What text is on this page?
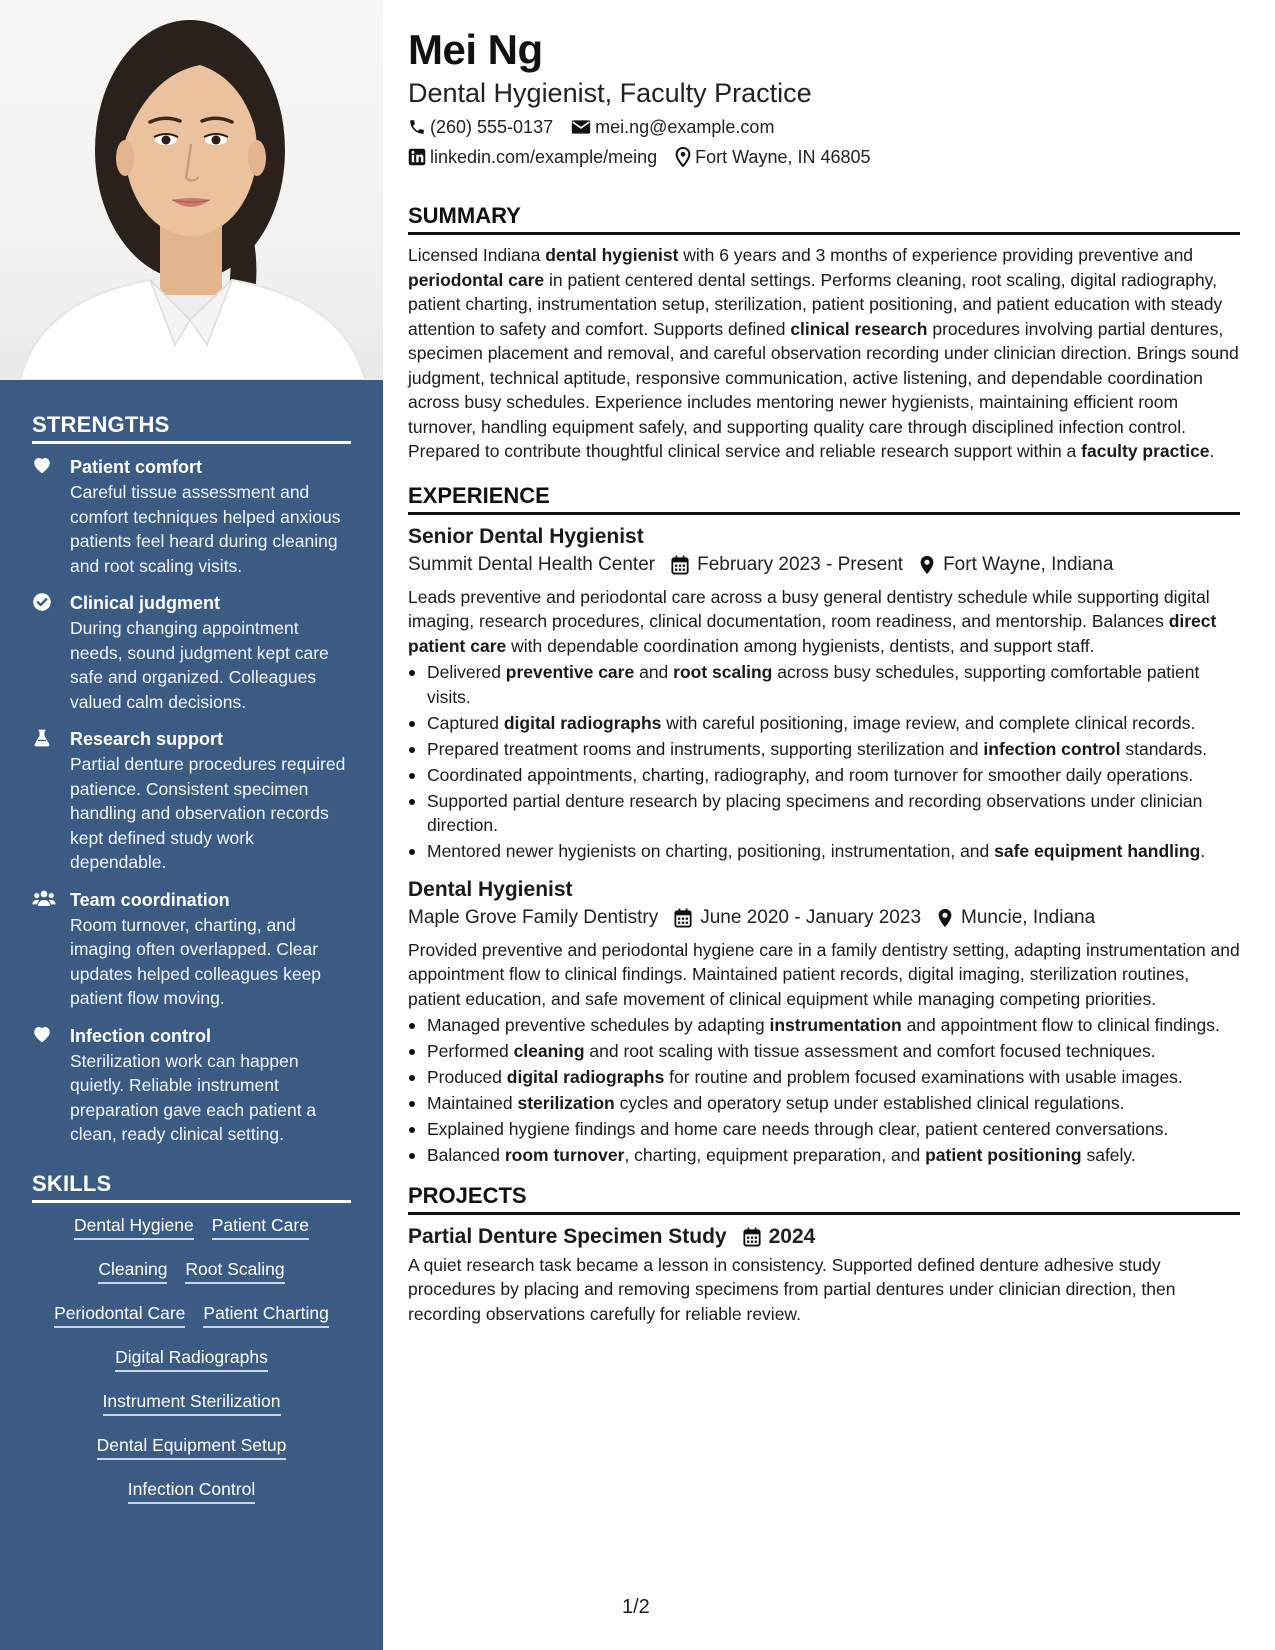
STRENGTHS
Patient comfort
Careful tissue assessment and comfort techniques helped anxious patients feel heard during cleaning and root scaling visits.
Clinical judgment
During changing appointment needs, sound judgment kept care safe and organized. Colleagues valued calm decisions.
Research support
Partial denture procedures required patience. Consistent specimen handling and observation records kept defined study work dependable.
Team coordination
Room turnover, charting, and imaging often overlapped. Clear updates helped colleagues keep patient flow moving.
Infection control
Sterilization work can happen quietly. Reliable instrument preparation gave each patient a clean, ready clinical setting.
SKILLS
Dental Hygiene Patient Care
Cleaning Root Scaling
Periodontal Care Patient Charting
Digital Radiographs
Instrument Sterilization
Dental Equipment Setup
Infection Control
Mei Ng
Dental Hygienist, Faculty Practice
(260) 555-0137 mei.ng@example.com
linkedin.com/example/meing Fort Wayne, IN 46805
SUMMARY
Licensed Indiana dental hygienist with 6 years and 3 months of experience providing preventive and periodontal care in patient centered dental settings. Performs cleaning, root scaling, digital radiography, patient charting, instrumentation setup, sterilization, patient positioning, and patient education with steady attention to safety and comfort. Supports defined clinical research procedures involving partial dentures, specimen placement and removal, and careful observation recording under clinician direction. Brings sound judgment, technical aptitude, responsive communication, active listening, and dependable coordination across busy schedules. Experience includes mentoring newer hygienists, maintaining efficient room turnover, handling equipment safely, and supporting quality care through disciplined infection control. Prepared to contribute thoughtful clinical service and reliable research support within a faculty practice.
EXPERIENCE
Senior Dental Hygienist
Summit Dental Health Center February 2023 - Present Fort Wayne, Indiana
Leads preventive and periodontal care across a busy general dentistry schedule while supporting digital imaging, research procedures, clinical documentation, room readiness, and mentorship. Balances direct patient care with dependable coordination among hygienists, dentists, and support staff.
Delivered preventive care and root scaling across busy schedules, supporting comfortable patient visits.
Captured digital radiographs with careful positioning, image review, and complete clinical records.
Prepared treatment rooms and instruments, supporting sterilization and infection control standards.
Coordinated appointments, charting, radiography, and room turnover for smoother daily operations.
Supported partial denture research by placing specimens and recording observations under clinician direction.
Mentored newer hygienists on charting, positioning, instrumentation, and safe equipment handling.
Dental Hygienist
Maple Grove Family Dentistry June 2020 - January 2023 Muncie, Indiana
Provided preventive and periodontal hygiene care in a family dentistry setting, adapting instrumentation and appointment flow to clinical findings. Maintained patient records, digital imaging, sterilization routines, patient education, and safe movement of clinical equipment while managing competing priorities.
Managed preventive schedules by adapting instrumentation and appointment flow to clinical findings.
Performed cleaning and root scaling with tissue assessment and comfort focused techniques.
Produced digital radiographs for routine and problem focused examinations with usable images.
Maintained sterilization cycles and operatory setup under established clinical regulations.
Explained hygiene findings and home care needs through clear, patient centered conversations.
Balanced room turnover, charting, equipment preparation, and patient positioning safely.
PROJECTS
Partial Denture Specimen Study 2024
A quiet research task became a lesson in consistency. Supported defined denture adhesive study procedures by placing and removing specimens from partial dentures under clinician direction, then recording observations carefully for reliable review.
1/2
